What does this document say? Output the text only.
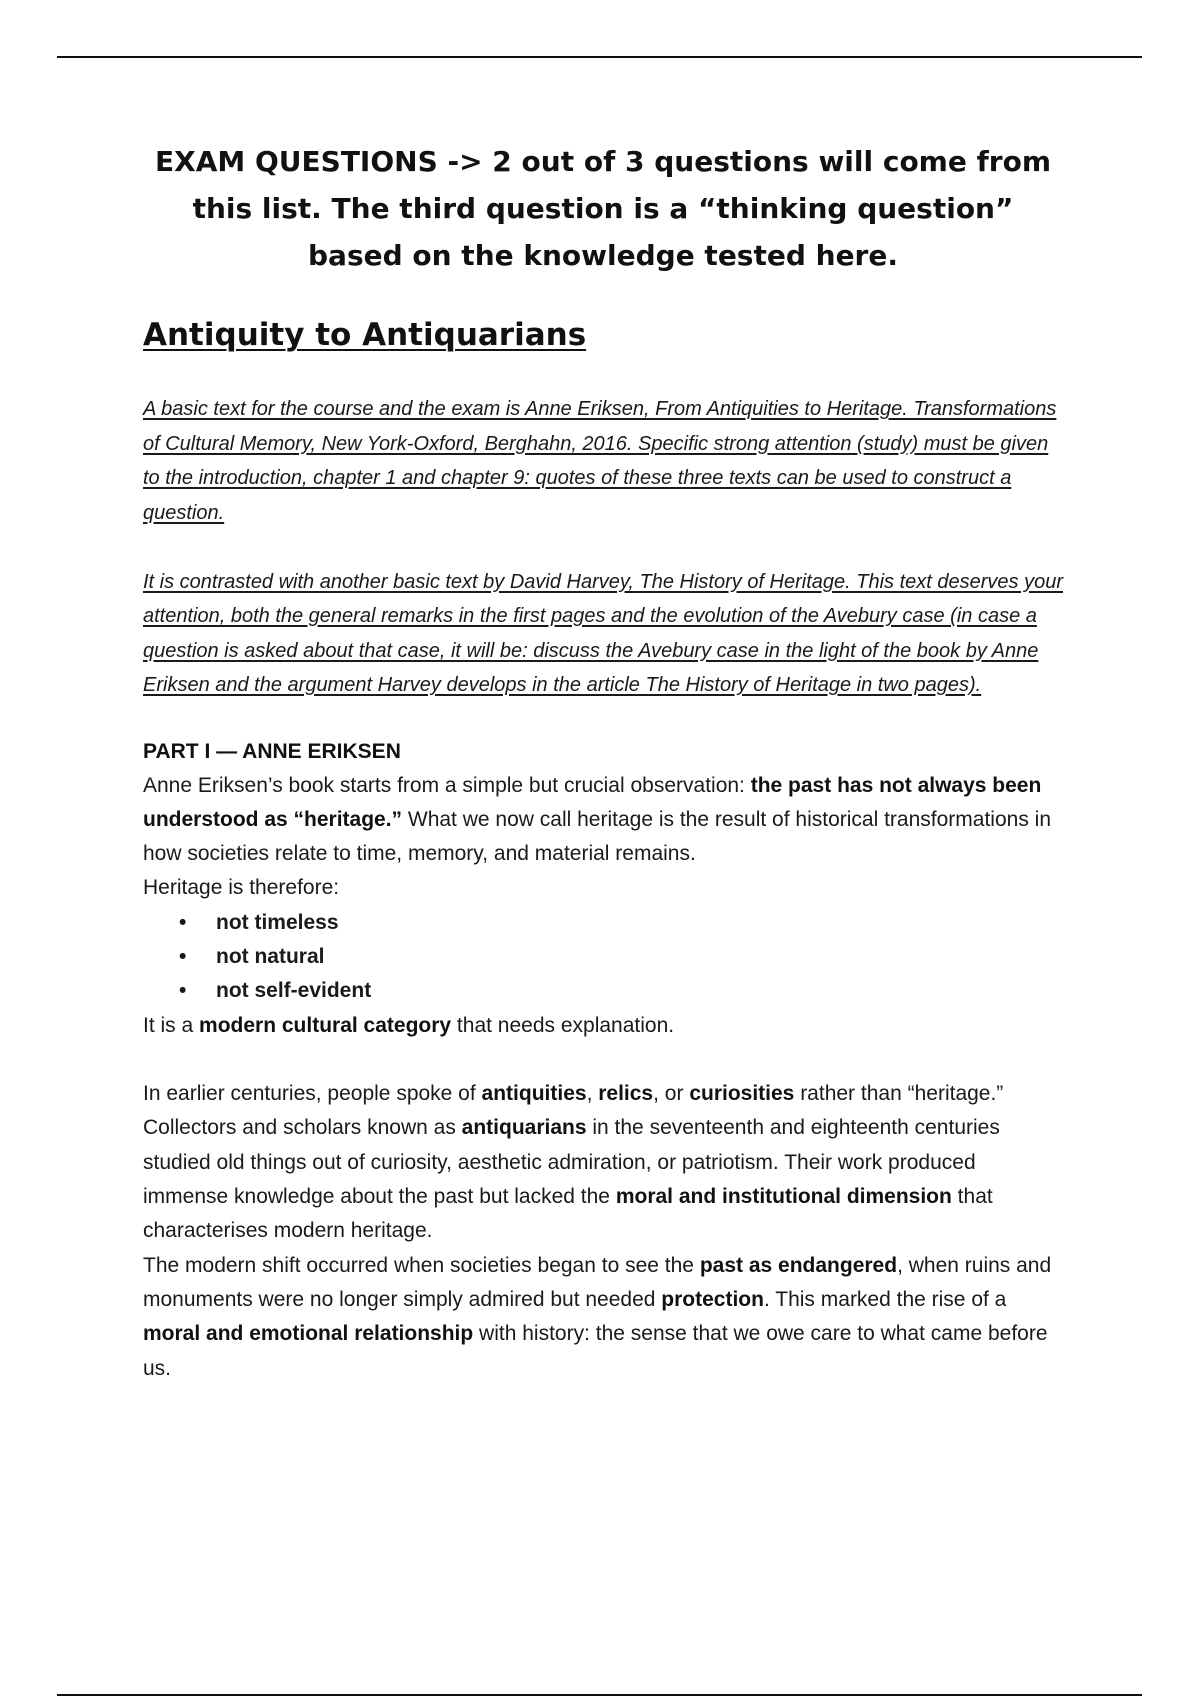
EXAM QUESTIONS -> 2 out of 3 questions will come from this list. The third question is a “thinking question” based on the knowledge tested here.
Antiquity to Antiquarians

A basic text for the course and the exam is Anne Eriksen, From Antiquities to Heritage. Transformations of Cultural Memory, New York-Oxford, Berghahn, 2016. Specific strong attention (study) must be given to the introduction, chapter 1 and chapter 9: quotes of these three texts can be used to construct a question.

It is contrasted with another basic text by David Harvey, The History of Heritage. This text deserves your attention, both the general remarks in the first pages and the evolution of the Avebury case (in case a question is asked about that case, it will be: discuss the Avebury case in the light of the book by Anne Eriksen and the argument Harvey develops in the article The History of Heritage in two pages).

PART I — ANNE ERIKSEN

Anne Eriksen’s book starts from a simple but crucial observation: the past has not always been understood as “heritage.” What we now call heritage is the result of historical transformations in how societies relate to time, memory, and material remains.

Heritage is therefore:

• not timeless
• not natural
• not self-evident

It is a modern cultural category that needs explanation.

In earlier centuries, people spoke of antiquities, relics, or curiosities rather than “heritage.” Collectors and scholars known as antiquarians in the seventeenth and eighteenth centuries studied old things out of curiosity, aesthetic admiration, or patriotism. Their work produced immense knowledge about the past but lacked the moral and institutional dimension that characterises modern heritage.

The modern shift occurred when societies began to see the past as endangered, when ruins and monuments were no longer simply admired but needed protection. This marked the rise of a moral and emotional relationship with history: the sense that we owe care to what came before us.
